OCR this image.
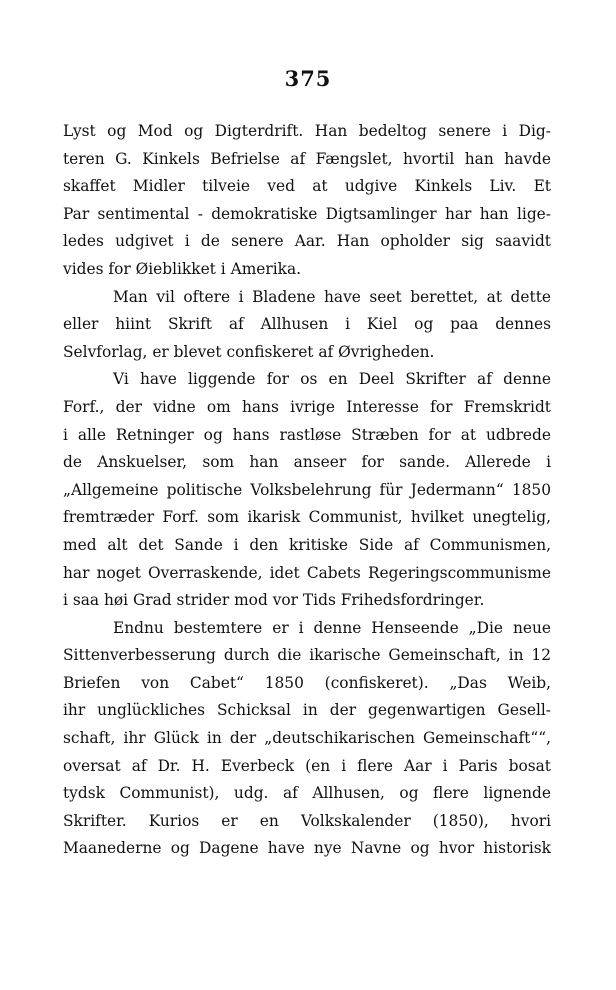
375
Lyst og Mod og Digterdrift. Han bedeltog senere i Dig-
teren G. Kinkels Befrielse af Fængslet, hvortil han havde
skaffet Midler tilveie ved at udgive Kinkels Liv. Et
Par sentimental - demokratiske Digtsamlinger har han lige-
ledes udgivet i de senere Aar. Han opholder sig saavidt
vides for Øieblikket i Amerika.
Man vil oftere i Bladene have seet berettet, at dette
eller hiint Skrift af Allhusen i Kiel og paa dennes
Selvforlag, er blevet confiskeret af Øvrigheden.
Vi have liggende for os en Deel Skrifter af denne
Forf., der vidne om hans ivrige Interesse for Fremskridt
i alle Retninger og hans rastløse Stræben for at udbrede
de Anskuelser, som han anseer for sande. Allerede i
„Allgemeine politische Volksbelehrung für Jedermann“ 1850
fremtræder Forf. som ikarisk Communist, hvilket unegtelig,
med alt det Sande i den kritiske Side af Communismen,
har noget Overraskende, idet Cabets Regeringscommunisme
i saa høi Grad strider mod vor Tids Frihedsfordringer.
Endnu bestemtere er i denne Henseende „Die neue
Sittenverbesserung durch die ikarische Gemeinschaft, in 12
Briefen von Cabet“ 1850 (confiskeret). „Das Weib,
ihr unglückliches Schicksal in der gegenwartigen Gesell-
schaft, ihr Glück in der „deutschikarischen Gemeinschaft““,
oversat af Dr. H. Everbeck (en i flere Aar i Paris bosat
tydsk Communist), udg. af Allhusen, og flere lignende
Skrifter. Kurios er en Volkskalender (1850), hvori
Maanederne og Dagene have nye Navne og hvor historisk
